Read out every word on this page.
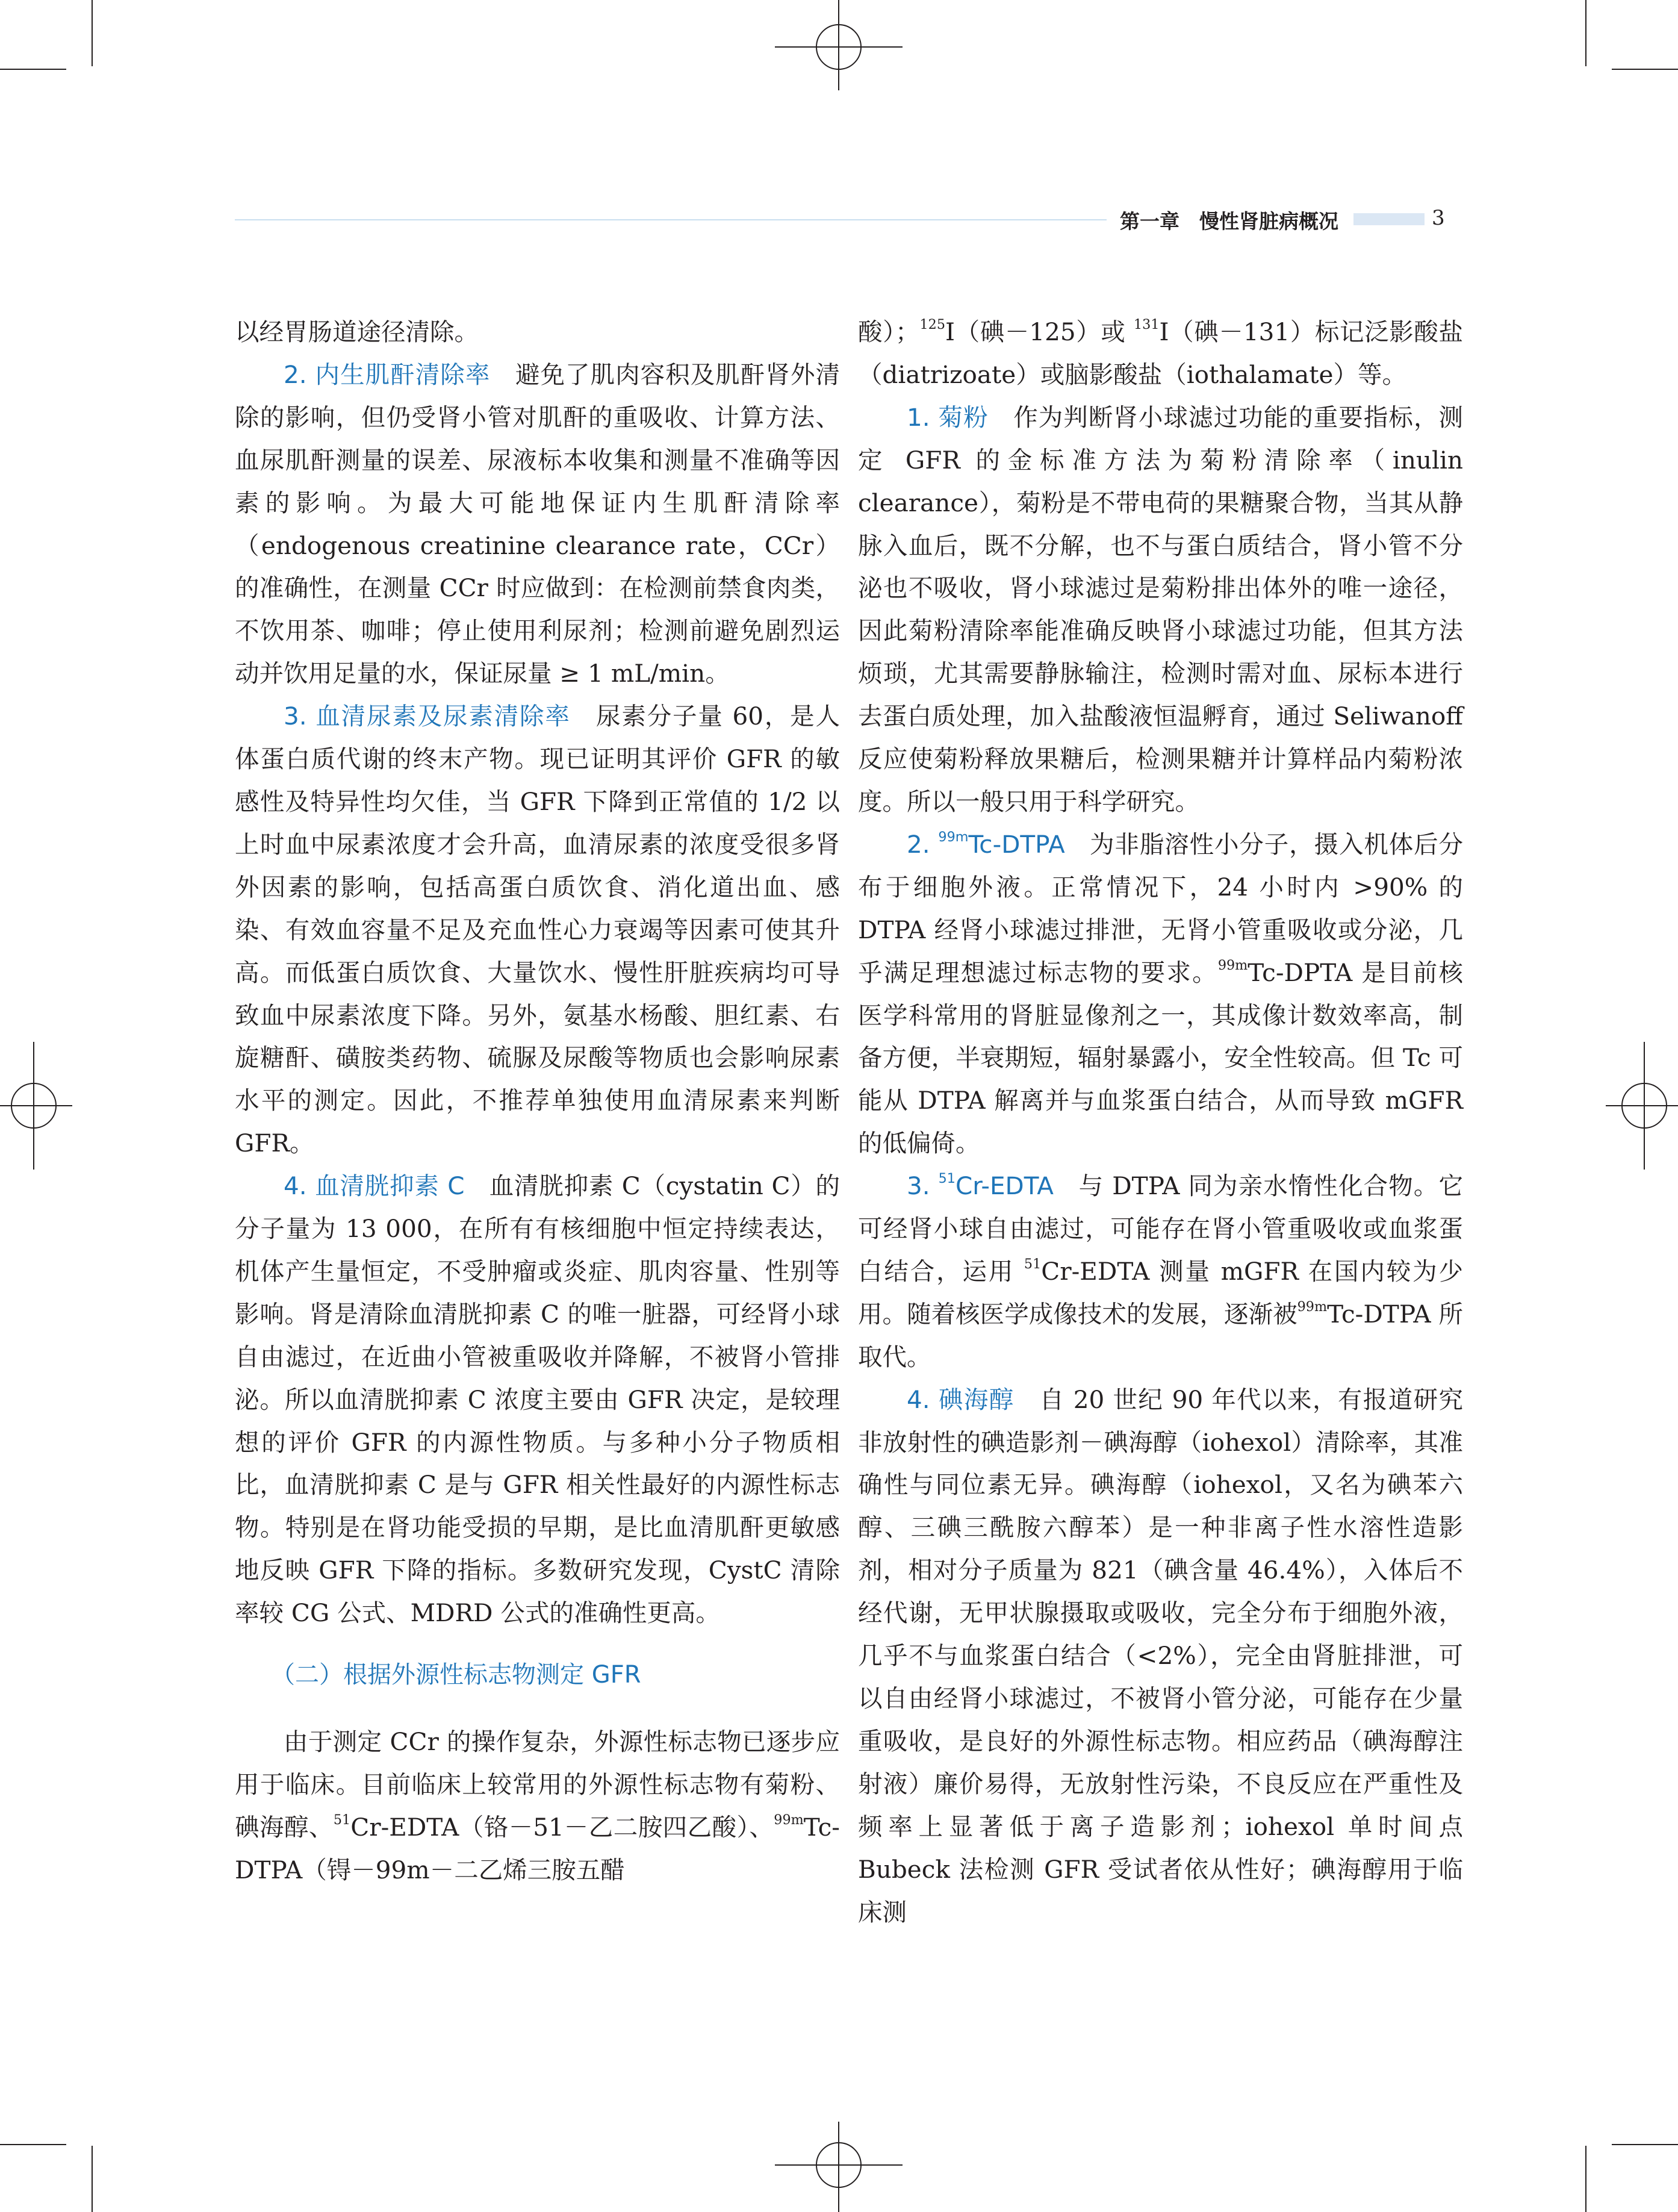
第一章　慢性肾脏病概况	3

以经胃肠道途径清除。

2. 内生肌酐清除率 避免了肌肉容积及肌酐肾外清除的影响，但仍受肾小管对肌酐的重吸收、计算方法、血尿肌酐测量的误差、尿液标本收集和测量不准确等因素的影响。为最大可能地保证内生肌酐清除率（endogenous creatinine clearance rate，CCr）的准确性，在测量 CCr 时应做到：在检测前禁食肉类，不饮用茶、咖啡；停止使用利尿剂；检测前避免剧烈运动并饮用足量的水，保证尿量 ≥ 1 mL/min。

3. 血清尿素及尿素清除率 尿素分子量 60，是人体蛋白质代谢的终末产物。现已证明其评价 GFR 的敏感性及特异性均欠佳，当 GFR 下降到正常值的 1/2 以上时血中尿素浓度才会升高，血清尿素的浓度受很多肾外因素的影响，包括高蛋白质饮食、消化道出血、感染、有效血容量不足及充血性心力衰竭等因素可使其升高。而低蛋白质饮食、大量饮水、慢性肝脏疾病均可导致血中尿素浓度下降。另外，氨基水杨酸、胆红素、右旋糖酐、磺胺类药物、硫脲及尿酸等物质也会影响尿素水平的测定。因此，不推荐单独使用血清尿素来判断 GFR。

4. 血清胱抑素 C 血清胱抑素 C（cystatin C）的分子量为 13 000，在所有有核细胞中恒定持续表达，机体产生量恒定，不受肿瘤或炎症、肌肉容量、性别等影响。肾是清除血清胱抑素 C 的唯一脏器，可经肾小球自由滤过，在近曲小管被重吸收并降解，不被肾小管排泌。所以血清胱抑素 C 浓度主要由 GFR 决定，是较理想的评价 GFR 的内源性物质。与多种小分子物质相比，血清胱抑素 C 是与 GFR 相关性最好的内源性标志物。特别是在肾功能受损的早期，是比血清肌酐更敏感地反映 GFR 下降的指标。多数研究发现，CystC 清除率较 CG 公式、MDRD 公式的准确性更高。

（二）根据外源性标志物测定 GFR

由于测定 CCr 的操作复杂，外源性标志物已逐步应用于临床。目前临床上较常用的外源性标志物有菊粉、碘海醇、$^{51}$Cr-EDTA（铬－51－乙二胺四乙酸）、$^{99m}$Tc-DTPA（锝－99m－二乙烯三胺五醋

酸）；$^{125}$I（碘－125）或 $^{131}$I（碘－131）标记泛影酸盐（diatrizoate）或脑影酸盐（iothalamate）等。

1. 菊粉 作为判断肾小球滤过功能的重要指标，测定 GFR 的金标准方法为菊粉清除率（inulin clearance），菊粉是不带电荷的果糖聚合物，当其从静脉入血后，既不分解，也不与蛋白质结合，肾小管不分泌也不吸收，肾小球滤过是菊粉排出体外的唯一途径，因此菊粉清除率能准确反映肾小球滤过功能，但其方法烦琐，尤其需要静脉输注，检测时需对血、尿标本进行去蛋白质处理，加入盐酸液恒温孵育，通过 Seliwanoff 反应使菊粉释放果糖后，检测果糖并计算样品内菊粉浓度。所以一般只用于科学研究。

2. $^{99m}$Tc-DTPA 为非脂溶性小分子，摄入机体后分布于细胞外液。正常情况下，24 小时内 >90% 的 DTPA 经肾小球滤过排泄，无肾小管重吸收或分泌，几乎满足理想滤过标志物的要求。$^{99m}$Tc-DPTA 是目前核医学科常用的肾脏显像剂之一，其成像计数效率高，制备方便，半衰期短，辐射暴露小，安全性较高。但 Tc 可能从 DTPA 解离并与血浆蛋白结合，从而导致 mGFR 的低偏倚。

3. $^{51}$Cr-EDTA 与 DTPA 同为亲水惰性化合物。它可经肾小球自由滤过，可能存在肾小管重吸收或血浆蛋白结合，运用 $^{51}$Cr-EDTA 测量 mGFR 在国内较为少用。随着核医学成像技术的发展，逐渐被$^{99m}$Tc-DTPA 所取代。

4. 碘海醇 自 20 世纪 90 年代以来，有报道研究非放射性的碘造影剂－碘海醇（iohexol）清除率，其准确性与同位素无异。碘海醇（iohexol，又名为碘苯六醇、三碘三酰胺六醇苯）是一种非离子性水溶性造影剂，相对分子质量为 821（碘含量 46.4%），入体后不经代谢，无甲状腺摄取或吸收，完全分布于细胞外液，几乎不与血浆蛋白结合（<2%），完全由肾脏排泄，可以自由经肾小球滤过，不被肾小管分泌，可能存在少量重吸收，是良好的外源性标志物。相应药品（碘海醇注射液）廉价易得，无放射性污染，不良反应在严重性及频率上显著低于离子造影剂；iohexol 单时间点 Bubeck 法检测 GFR 受试者依从性好；碘海醇用于临床测
